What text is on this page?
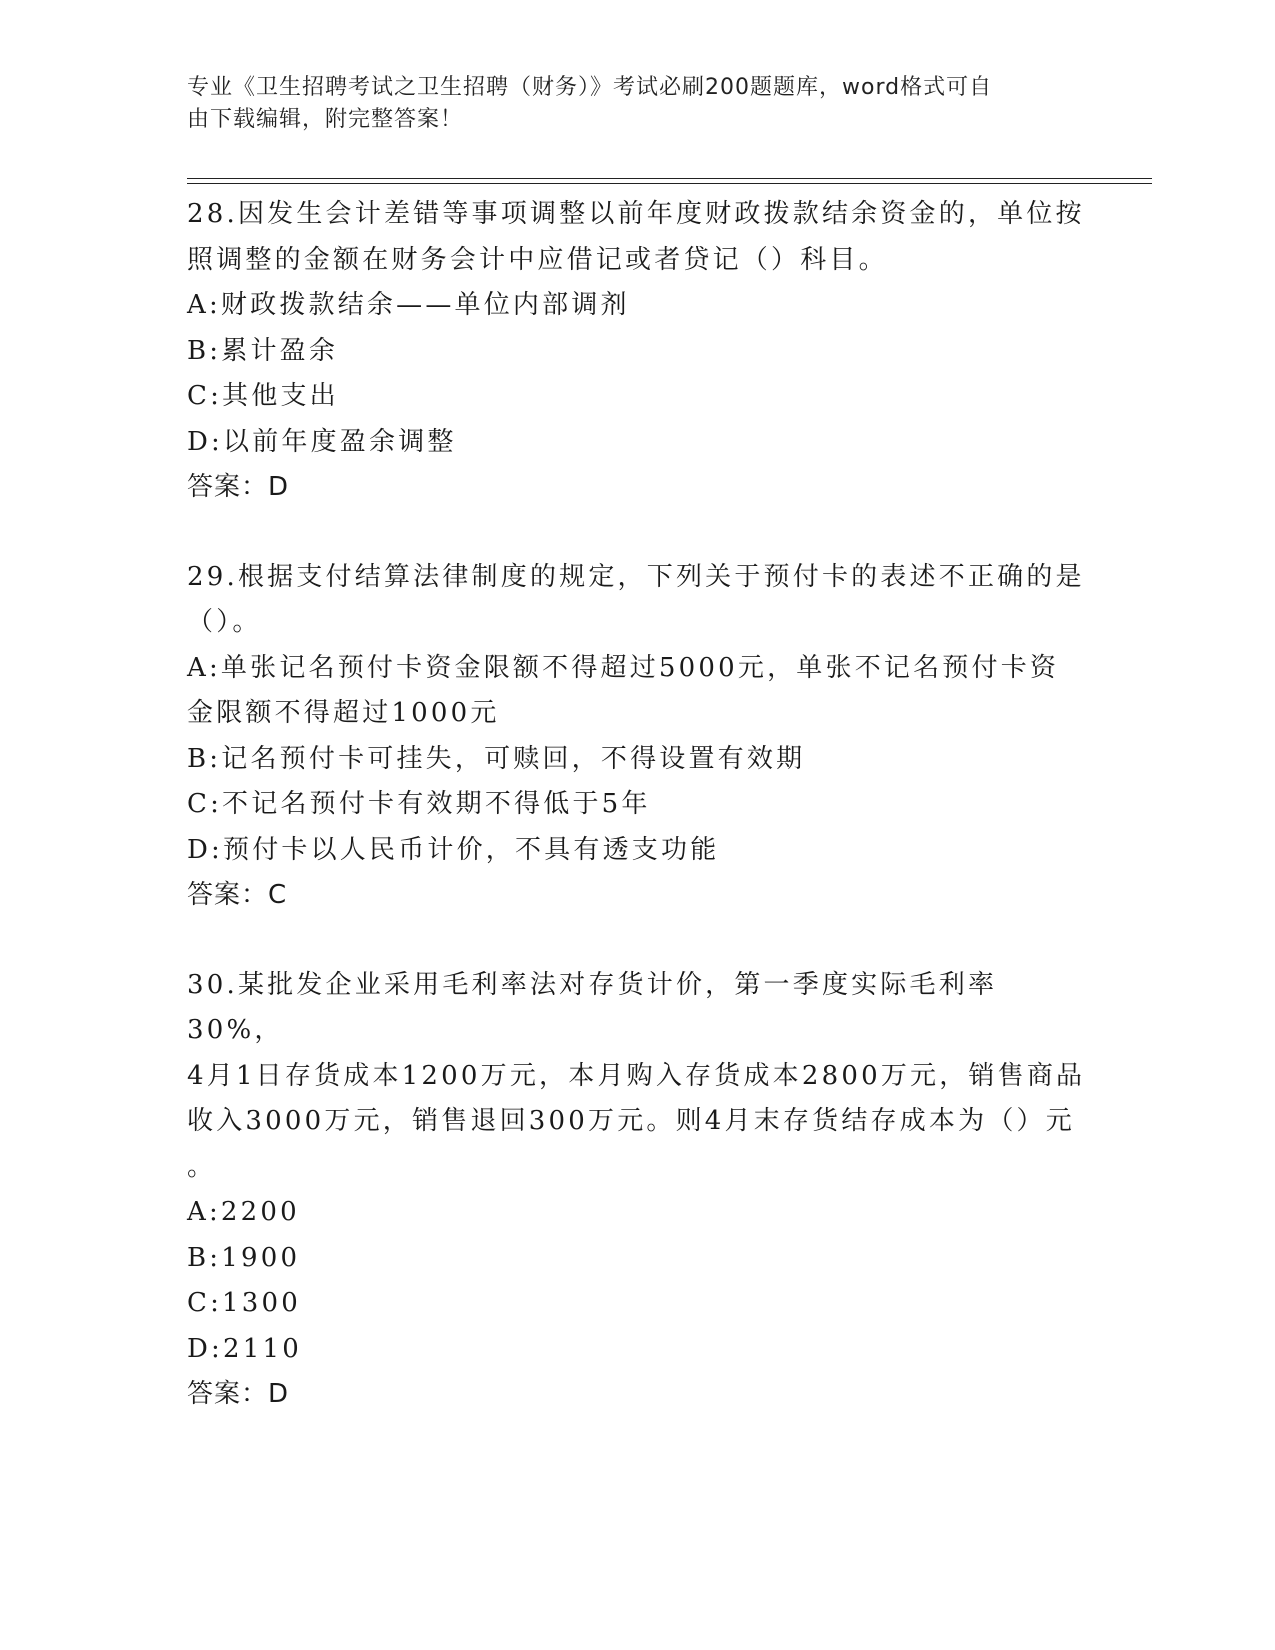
专业《卫生招聘考试之卫生招聘（财务）》考试必刷200题题库，word格式可自
由下载编辑，附完整答案！
28.因发生会计差错等事项调整以前年度财政拨款结余资金的，单位按
照调整的金额在财务会计中应借记或者贷记（）科目。
A:财政拨款结余——单位内部调剂
B:累计盈余
C:其他支出
D:以前年度盈余调整
答案：D
29.根据支付结算法律制度的规定，下列关于预付卡的表述不正确的是
（）。
A:单张记名预付卡资金限额不得超过5000元，单张不记名预付卡资
金限额不得超过1000元
B:记名预付卡可挂失，可赎回，不得设置有效期
C:不记名预付卡有效期不得低于5年
D:预付卡以人民币计价，不具有透支功能
答案：C
30.某批发企业采用毛利率法对存货计价，第一季度实际毛利率30%，
4月1日存货成本1200万元，本月购入存货成本2800万元，销售商品
收入3000万元，销售退回300万元。则4月末存货结存成本为（）元
。
A:2200
B:1900
C:1300
D:2110
答案：D
